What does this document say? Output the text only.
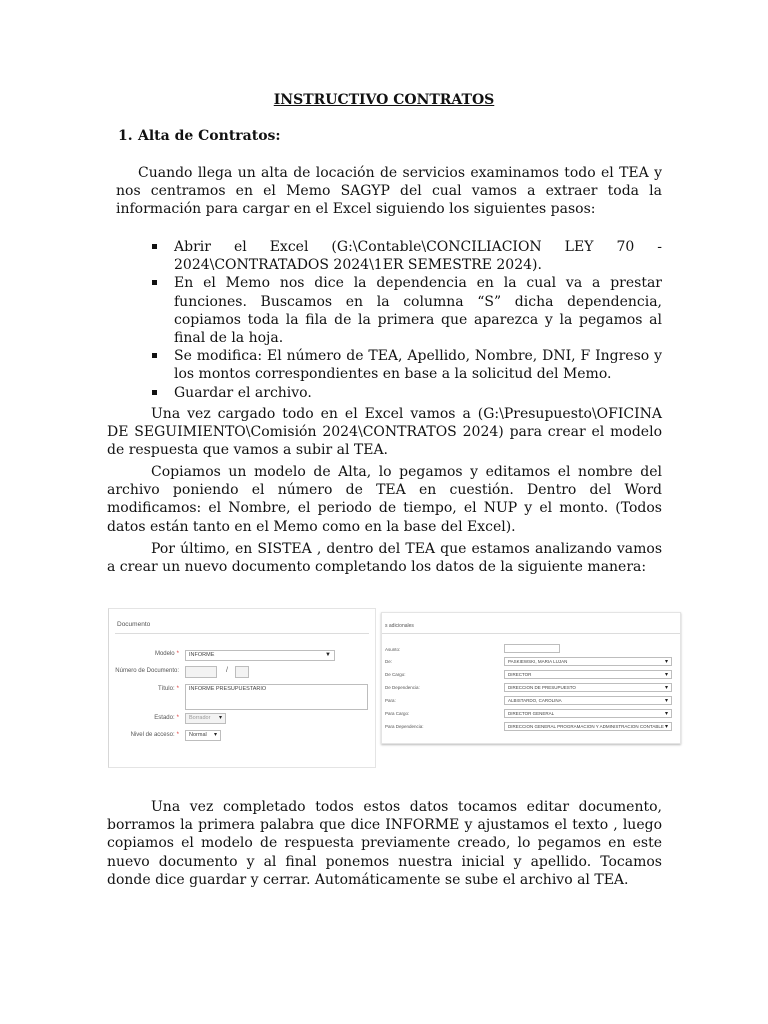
INSTRUCTIVO CONTRATOS
1. Alta de Contratos:
Cuando llega un alta de locación de servicios examinamos todo el TEA y nos centramos en el Memo SAGYP del cual vamos a extraer toda la información para cargar en el Excel siguiendo los siguientes pasos:
Abrir el Excel (G:\Contable\CONCILIACION LEY 70 - 2024\CONTRATADOS 2024\1ER SEMESTRE 2024).
En el Memo nos dice la dependencia en la cual va a prestar funciones. Buscamos en la columna “S” dicha dependencia, copiamos toda la fila de la primera que aparezca y la pegamos al final de la hoja.
Se modifica: El número de TEA, Apellido, Nombre, DNI, F Ingreso y los montos correspondientes en base a la solicitud del Memo.
Guardar el archivo.
Una vez cargado todo en el Excel vamos a (G:\Presupuesto\OFICINA DE SEGUIMIENTO\Comisión 2024\CONTRATOS 2024) para crear el modelo de respuesta que vamos a subir al TEA.
Copiamos un modelo de Alta, lo pegamos y editamos el nombre del archivo poniendo el número de TEA en cuestión. Dentro del Word modificamos: el Nombre, el periodo de tiempo, el NUP y el monto. (Todos datos están tanto en el Memo como en la base del Excel).
Por último, en SISTEA , dentro del TEA que estamos analizando vamos a crear un nuevo documento completando los datos de la siguiente manera:
Documento
Modelo *	INFORME	▼
Número de Documento:	/
Título: *	INFORME PRESUPUESTARIO
Estado: *	Borrador ▾
Nivel de acceso: *	Normal ▾
s adicionales
Asunto:
De:	PASKIEWSKI, MARIA LUJAN	▾
De Cargo:	DIRECTOR	▾
De Dependencia:	DIRECCION DE PRESUPUESTO	▾
Para:	ALBISTARDO, CAROLINA	▾
Para Cargo:	DIRECTOR GENERAL	▾
Para Dependencia:	DIRECCION GENERAL PROGRAMACION Y ADMINISTRACION CONTABLE ▾
Una vez completado todos estos datos tocamos editar documento, borramos la primera palabra que dice INFORME y ajustamos el texto , luego copiamos el modelo de respuesta previamente creado, lo pegamos en este nuevo documento y al final ponemos nuestra inicial y apellido. Tocamos donde dice guardar y cerrar. Automáticamente se sube el archivo al TEA.
